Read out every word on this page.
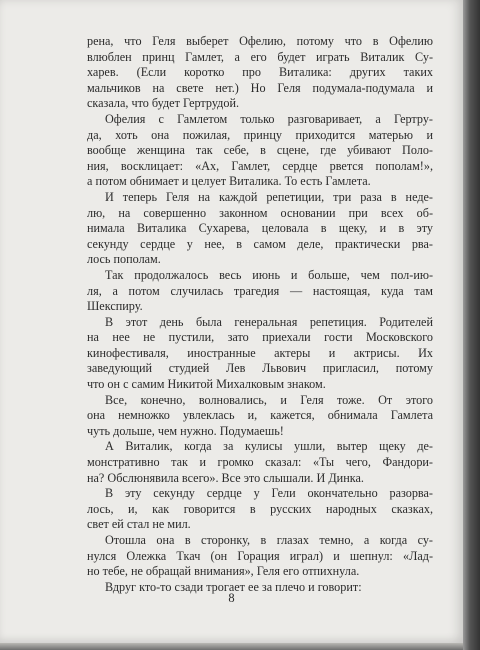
рена, что Геля выберет Офелию, потому что в Офелию
влюблен принц Гамлет, а его будет играть Виталик Су-
харев. (Если коротко про Виталика: других таких
мальчиков на свете нет.) Но Геля подумала-подумала и
сказала, что будет Гертрудой.
Офелия с Гамлетом только разговаривает, а Гертру-
да, хоть она пожилая, принцу приходится матерью и
вообще женщина так себе, в сцене, где убивают Поло-
ния, восклицает: «Ах, Гамлет, сердце рвется пополам!»,
а потом обнимает и целует Виталика. То есть Гамлета.
И теперь Геля на каждой репетиции, три раза в неде-
лю, на совершенно законном основании при всех об-
нимала Виталика Сухарева, целовала в щеку, и в эту
секунду сердце у нее, в самом деле, практически рва-
лось пополам.
Так продолжалось весь июнь и больше, чем пол-ию-
ля, а потом случилась трагедия — настоящая, куда там
Шекспиру.
В этот день была генеральная репетиция. Родителей
на нее не пустили, зато приехали гости Московского
кинофестиваля, иностранные актеры и актрисы. Их
заведующий студией Лев Львович пригласил, потому
что он с самим Никитой Михалковым знаком.
Все, конечно, волновались, и Геля тоже. От этого
она немножко увлеклась и, кажется, обнимала Гамлета
чуть дольше, чем нужно. Подумаешь!
А Виталик, когда за кулисы ушли, вытер щеку де-
монстративно так и громко сказал: «Ты чего, Фандори-
на? Обслюнявила всего». Все это слышали. И Динка.
В эту секунду сердце у Гели окончательно разорва-
лось, и, как говорится в русских народных сказках,
свет ей стал не мил.
Отошла она в сторонку, в глазах темно, а когда су-
нулся Олежка Ткач (он Горация играл) и шепнул: «Лад-
но тебе, не обращай внимания», Геля его отпихнула.
Вдруг кто-то сзади трогает ее за плечо и говорит:
8
